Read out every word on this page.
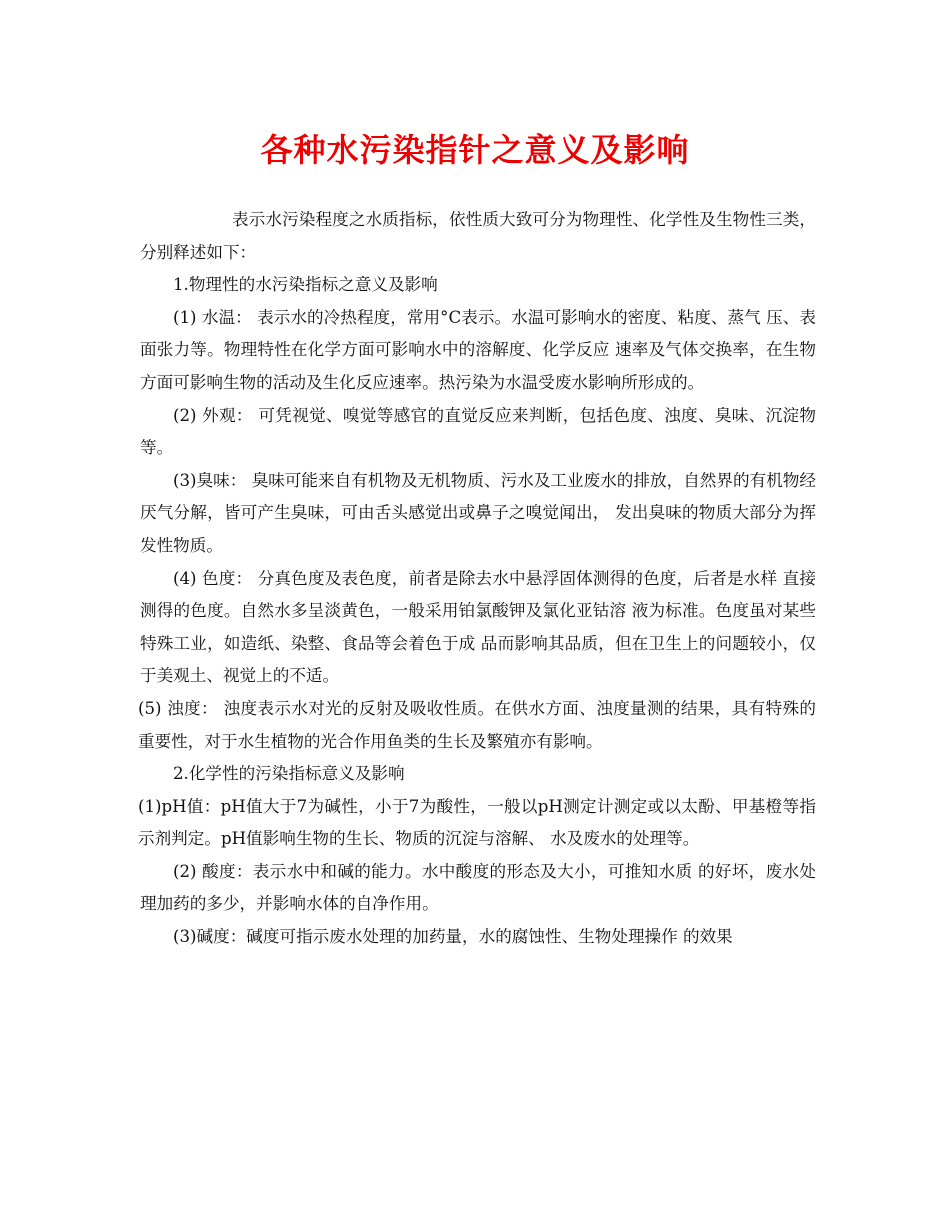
各种水污染指针之意义及影响

表示水污染程度之水质指标，依性质大致可分为物理性、化学性及生物性三类，分别释述如下：

1.物理性的水污染指标之意义及影响

(1) 水温： 表示水的冷热程度，常用°C表示。水温可影响水的密度、粘度、蒸气 压、表面张力等。物理特性在化学方面可影响水中的溶解度、化学反应 速率及气体交换率，在生物方面可影响生物的活动及生化反应速率。热污染为水温受废水影响所形成的。

(2) 外观： 可凭视觉、嗅觉等感官的直觉反应来判断，包括色度、浊度、臭味、沉淀物等。

(3)臭味： 臭味可能来自有机物及无机物质、污水及工业废水的排放，自然界的有机物经厌气分解，皆可产生臭味，可由舌头感觉出或鼻子之嗅觉闻出， 发出臭味的物质大部分为挥发性物质。

(4) 色度： 分真色度及表色度，前者是除去水中悬浮固体测得的色度，后者是水样 直接测得的色度。自然水多呈淡黄色，一般采用铂氯酸钾及氯化亚钴溶 液为标准。色度虽对某些特殊工业，如造纸、染整、食品等会着色于成 品而影响其品质，但在卫生上的问题较小，仅于美观土、视觉上的不适。

(5) 浊度： 浊度表示水对光的反射及吸收性质。在供水方面、浊度量测的结果，具有特殊的重要性，对于水生植物的光合作用鱼类的生长及繁殖亦有影响。

2.化学性的污染指标意义及影响

(1)pH值：pH值大于7为碱性，小于7为酸性，一般以pH测定计测定或以太酚、甲基橙等指示剂判定。pH值影响生物的生长、物质的沉淀与溶解、 水及废水的处理等。

(2) 酸度：表示水中和碱的能力。水中酸度的形态及大小，可推知水质 的好坏，废水处理加药的多少，并影响水体的自净作用。

(3)碱度：碱度可指示废水处理的加药量，水的腐蚀性、生物处理操作 的效果
